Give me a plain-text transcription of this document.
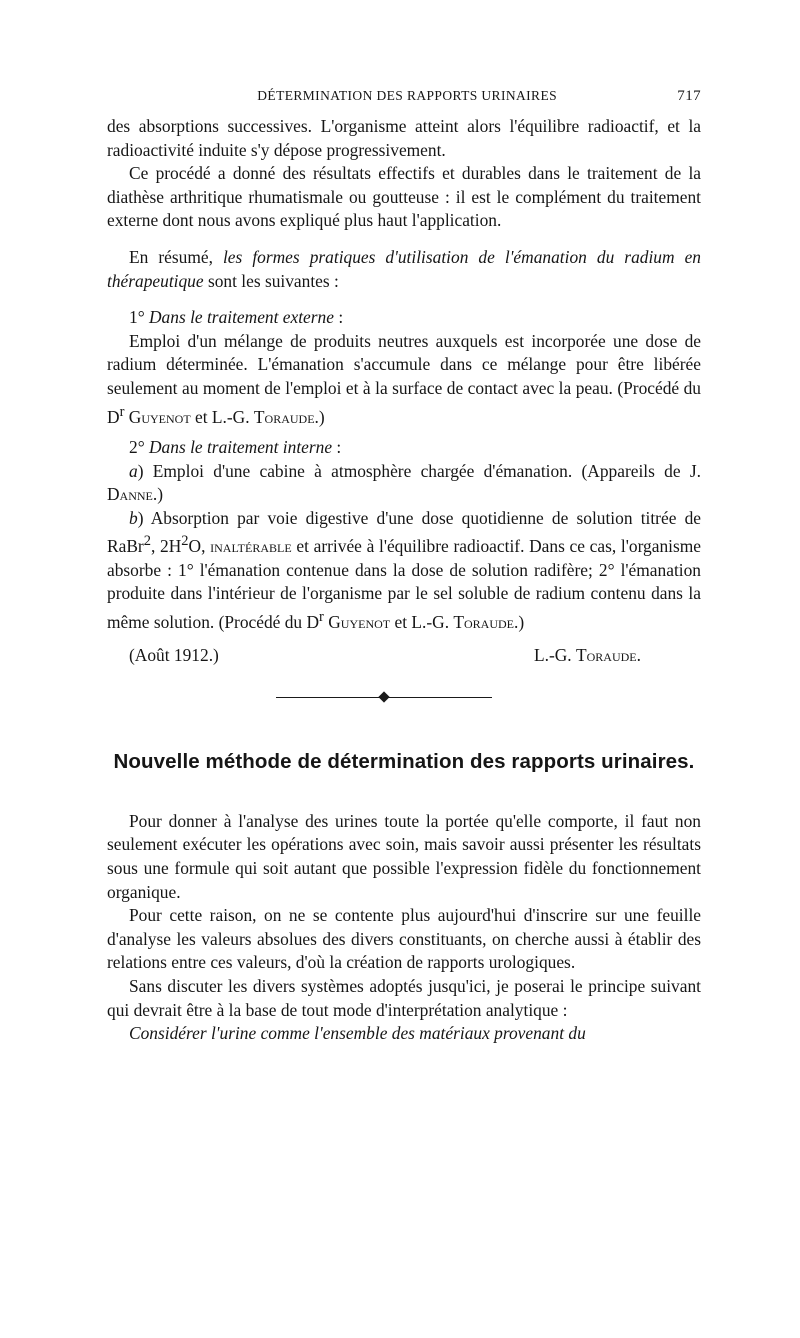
DÉTERMINATION DES RAPPORTS URINAIRES	717

des absorptions successives. L'organisme atteint alors l'équilibre radioactif, et la radioactivité induite s'y dépose progressivement.

Ce procédé a donné des résultats effectifs et durables dans le traitement de la diathèse arthritique rhumatismale ou goutteuse : il est le complément du traitement externe dont nous avons expliqué plus haut l'application.

En résumé, les formes pratiques d'utilisation de l'émanation du radium en thérapeutique sont les suivantes :

1° Dans le traitement externe :

Emploi d'un mélange de produits neutres auxquels est incorporée une dose de radium déterminée. L'émanation s'accumule dans ce mélange pour être libérée seulement au moment de l'emploi et à la surface de contact avec la peau. (Procédé du $D^r$ Guyenot et L.-G. Toraude.)

2° Dans le traitement interne :

a) Emploi d'une cabine à atmosphère chargée d'émanation. (Appareils de J. Danne.)

b) Absorption par voie digestive d'une dose quotidienne de solution titrée de RaBr$^2$, $2H^2O$, inaltérable et arrivée à l'équilibre radioactif. Dans ce cas, l'organisme absorbe : 1° l'émanation contenue dans la dose de solution radifère; 2° l'émanation produite dans l'intérieur de l'organisme par le sel soluble de radium contenu dans la même solution. (Procédé du $D^r$ Guyenot et L.-G. Toraude.)

(Août 1912.)	L.-G. Toraude.
Nouvelle méthode de détermination des rapports urinaires.

Pour donner à l'analyse des urines toute la portée qu'elle comporte, il faut non seulement exécuter les opérations avec soin, mais savoir aussi présenter les résultats sous une formule qui soit autant que possible l'expression fidèle du fonctionnement organique.

Pour cette raison, on ne se contente plus aujourd'hui d'inscrire sur une feuille d'analyse les valeurs absolues des divers constituants, on cherche aussi à établir des relations entre ces valeurs, d'où la création de rapports urologiques.

Sans discuter les divers systèmes adoptés jusqu'ici, je poserai le principe suivant qui devrait être à la base de tout mode d'interprétation analytique :

Considérer l'urine comme l'ensemble des matériaux provenant du
